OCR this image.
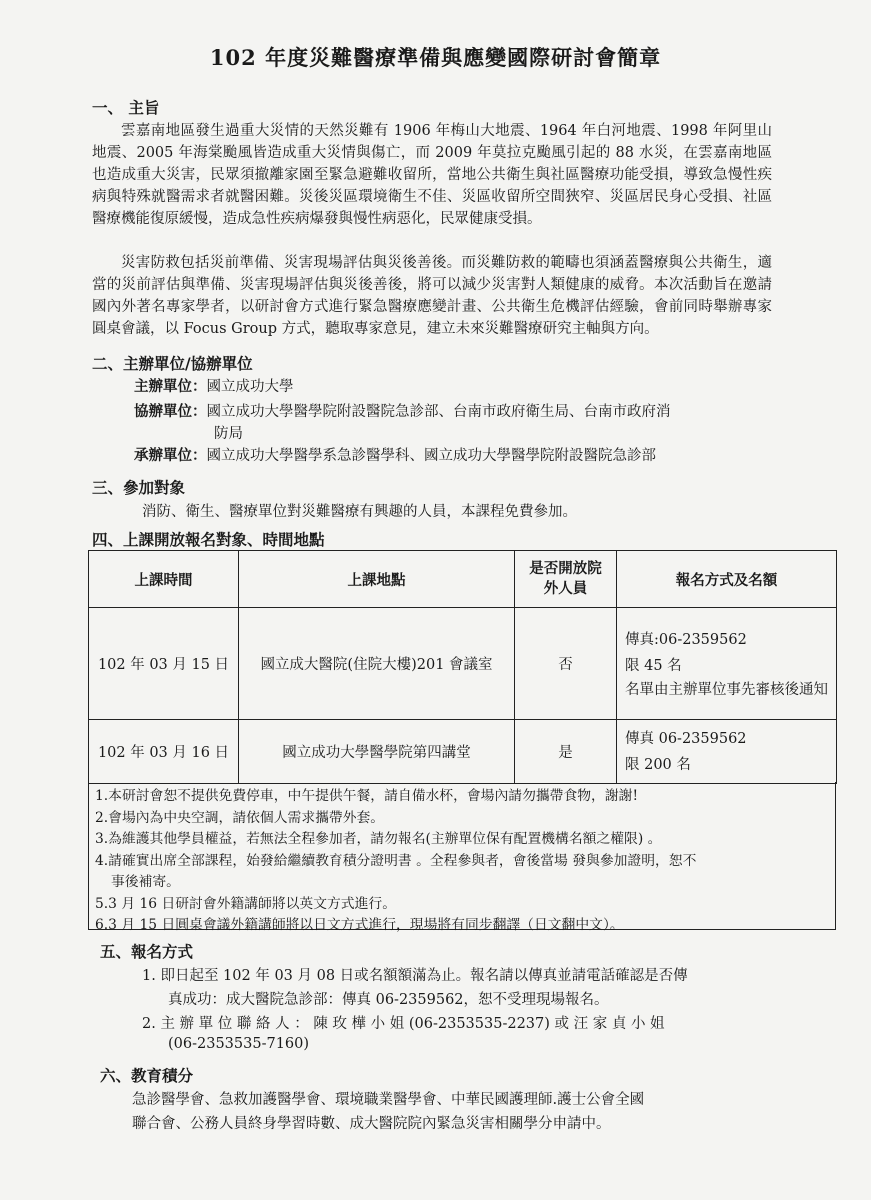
102 年度災難醫療準備與應變國際研討會簡章
一、 主旨
雲嘉南地區發生過重大災情的天然災難有 1906 年梅山大地震、1964 年白河地震、1998 年阿里山地震、2005 年海棠颱風皆造成重大災情與傷亡，而 2009 年莫拉克颱風引起的 88 水災，在雲嘉南地區也造成重大災害，民眾須撤離家園至緊急避難收留所，當地公共衛生與社區醫療功能受損，導致急慢性疾病與特殊就醫需求者就醫困難。災後災區環境衛生不佳、災區收留所空間狹窄、災區居民身心受損、社區醫療機能復原緩慢，造成急性疾病爆發與慢性病惡化，民眾健康受損。
災害防救包括災前準備、災害現場評估與災後善後。而災難防救的範疇也須涵蓋醫療與公共衛生，適當的災前評估與準備、災害現場評估與災後善後，將可以減少災害對人類健康的威脅。本次活動旨在邀請國內外著名專家學者，以研討會方式進行緊急醫療應變計畫、公共衛生危機評估經驗，會前同時舉辦專家圓桌會議，以 Focus Group 方式，聽取專家意見，建立未來災難醫療研究主軸與方向。
二、主辦單位/協辦單位
主辦單位：國立成功大學
協辦單位：國立成功大學醫學院附設醫院急診部、台南市政府衛生局、台南市政府消
防局
承辦單位：國立成功大學醫學系急診醫學科、國立成功大學醫學院附設醫院急診部
三、參加對象
消防、衛生、醫療單位對災難醫療有興趣的人員，本課程免費參加。
四、上課開放報名對象、時間地點
上課時間	上課地點	是否開放院外人員	報名方式及名額
102 年 03 月 15 日	國立成大醫院(住院大樓)201 會議室	否	傳真:06-2359562
限 45 名
名單由主辦單位事先審核後通知

102 年 03 月 16 日	國立成功大學醫學院第四講堂	是	傳真 06-2359562
限 200 名
1.本研討會恕不提供免費停車，中午提供午餐，請自備水杯，會場內請勿攜帶食物，謝謝!
2.會場內為中央空調，請依個人需求攜帶外套。
3.為維護其他學員權益，若無法全程參加者，請勿報名(主辦單位保有配置機構名額之權限) 。
4.請確實出席全部課程，始發給繼續教育積分證明書 。全程參與者，會後當場 發與參加證明，恕不
事後補寄。
5.3 月 16 日研討會外籍講師將以英文方式進行。
6.3 月 15 日圓桌會議外籍講師將以日文方式進行，現場將有同步翻譯（日文翻中文）。
五、報名方式
1. 即日起至 102 年 03 月 08 日或名額額滿為止。報名請以傳真並請電話確認是否傳
真成功：成大醫院急診部：傳真 06-2359562，恕不受理現場報名。
2. 主 辦 單 位 聯 絡 人 ： 陳 玫 樺 小 姐 (06-2353535-2237) 或 汪 家 貞 小 姐
(06-2353535-7160)
六、教育積分
急診醫學會、急救加護醫學會、環境職業醫學會、中華民國護理師.護士公會全國
聯合會、公務人員終身學習時數、成大醫院院內緊急災害相關學分申請中。
